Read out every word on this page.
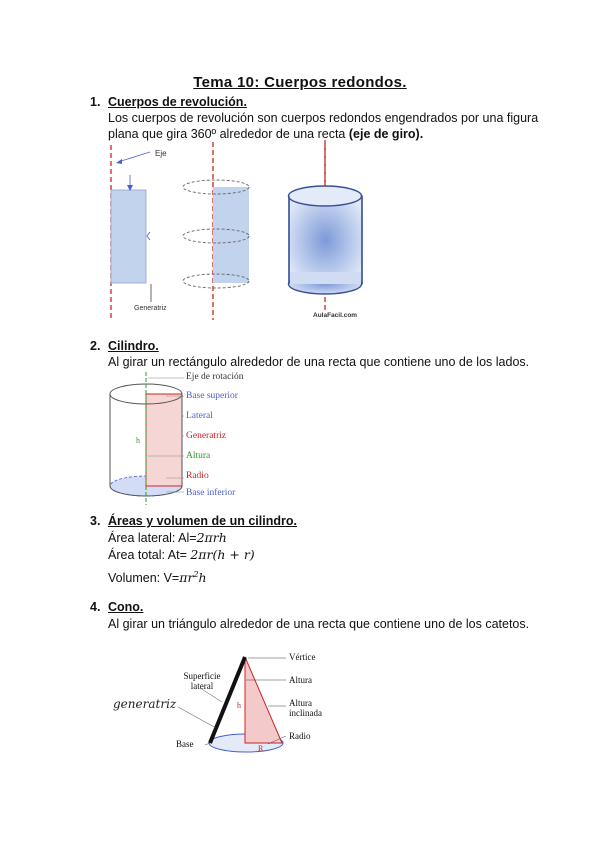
Tema 10: Cuerpos redondos.
1. Cuerpos de revolución.
Los cuerpos de revolución son cuerpos redondos engendrados por una figura
plana que gira 360º alrededor de una recta (eje de giro).
Eje
Generatriz
AulaFacil.com
2. Cilindro.
Al girar un rectángulo alrededor de una recta que contiene uno de los lados.
h
Eje de rotación
Base superior
Lateral
Generatriz
Altura
Radio
Base inferior
3. Áreas y volumen de un cilindro.
Área lateral: Al=2πrh
Área total: At= 2πr(h + r)
Volumen: $V=\pi r^2h$
4. Cono.
Al girar un triángulo alrededor de una recta que contiene uno de los catetos.
h
R
Vértice
Altura
Superficie
lateral
Altura
inclinada
Radio
Base
generatriz
